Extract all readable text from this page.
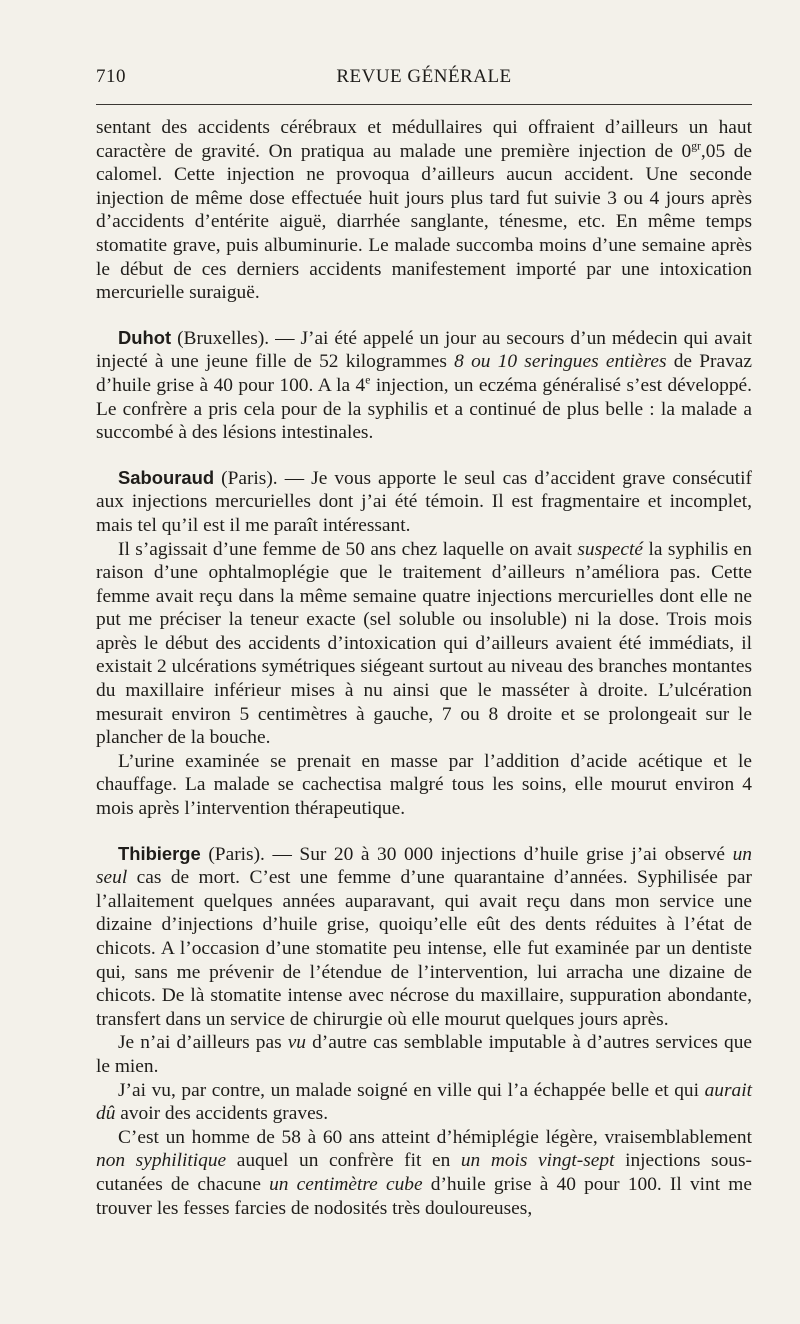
REVUE GÉNÉRALE
710

sentant des accidents cérébraux et médullaires qui offraient d’ailleurs un haut caractère de gravité. On pratiqua au malade une première injection de $0^{gr},05$ de calomel. Cette injection ne provoqua d’ailleurs aucun accident. Une seconde injection de même dose effectuée huit jours plus tard fut suivie 3 ou 4 jours après d’accidents d’entérite aiguë, diarrhée sanglante, ténesme, etc. En même temps stomatite grave, puis albuminurie. Le malade succomba moins d’une semaine après le début de ces derniers accidents manifestement importé par une intoxication mercurielle suraiguë.

Duhot (Bruxelles). — J’ai été appelé un jour au secours d’un médecin qui avait injecté à une jeune fille de 52 kilogrammes 8 ou 10 seringues entières de Pravaz d’huile grise à 40 pour 100. A la 4e injection, un eczéma généralisé s’est développé. Le confrère a pris cela pour de la syphilis et a continué de plus belle : la malade a succombé à des lésions intestinales.

Sabouraud (Paris). — Je vous apporte le seul cas d’accident grave consécutif aux injections mercurielles dont j’ai été témoin. Il est fragmentaire et incomplet, mais tel qu’il est il me paraît intéressant.

Il s’agissait d’une femme de 50 ans chez laquelle on avait suspecté la syphilis en raison d’une ophtalmoplégie que le traitement d’ailleurs n’améliora pas. Cette femme avait reçu dans la même semaine quatre injections mercurielles dont elle ne put me préciser la teneur exacte (sel soluble ou insoluble) ni la dose. Trois mois après le début des accidents d’intoxication qui d’ailleurs avaient été immédiats, il existait 2 ulcérations symétriques siégeant surtout au niveau des branches montantes du maxillaire inférieur mises à nu ainsi que le masséter à droite. L’ulcération mesurait environ 5 centimètres à gauche, 7 ou 8 droite et se prolongeait sur le plancher de la bouche.

L’urine examinée se prenait en masse par l’addition d’acide acétique et le chauffage. La malade se cachectisa malgré tous les soins, elle mourut environ 4 mois après l’intervention thérapeutique.

Thibierge (Paris). — Sur 20 à 30 000 injections d’huile grise j’ai observé un seul cas de mort. C’est une femme d’une quarantaine d’années. Syphilisée par l’allaitement quelques années auparavant, qui avait reçu dans mon service une dizaine d’injections d’huile grise, quoiqu’elle eût des dents réduites à l’état de chicots. A l’occasion d’une stomatite peu intense, elle fut examinée par un dentiste qui, sans me prévenir de l’étendue de l’intervention, lui arracha une dizaine de chicots. De là stomatite intense avec nécrose du maxillaire, suppuration abondante, transfert dans un service de chirurgie où elle mourut quelques jours après.

Je n’ai d’ailleurs pas vu d’autre cas semblable imputable à d’autres services que le mien.

J’ai vu, par contre, un malade soigné en ville qui l’a échappée belle et qui aurait dû avoir des accidents graves.

C’est un homme de 58 à 60 ans atteint d’hémiplégie légère, vraisemblablement non syphilitique auquel un confrère fit en un mois vingt-sept injections sous-cutanées de chacune un centimètre cube d’huile grise à 40 pour 100. Il vint me trouver les fesses farcies de nodosités très douloureuses,
